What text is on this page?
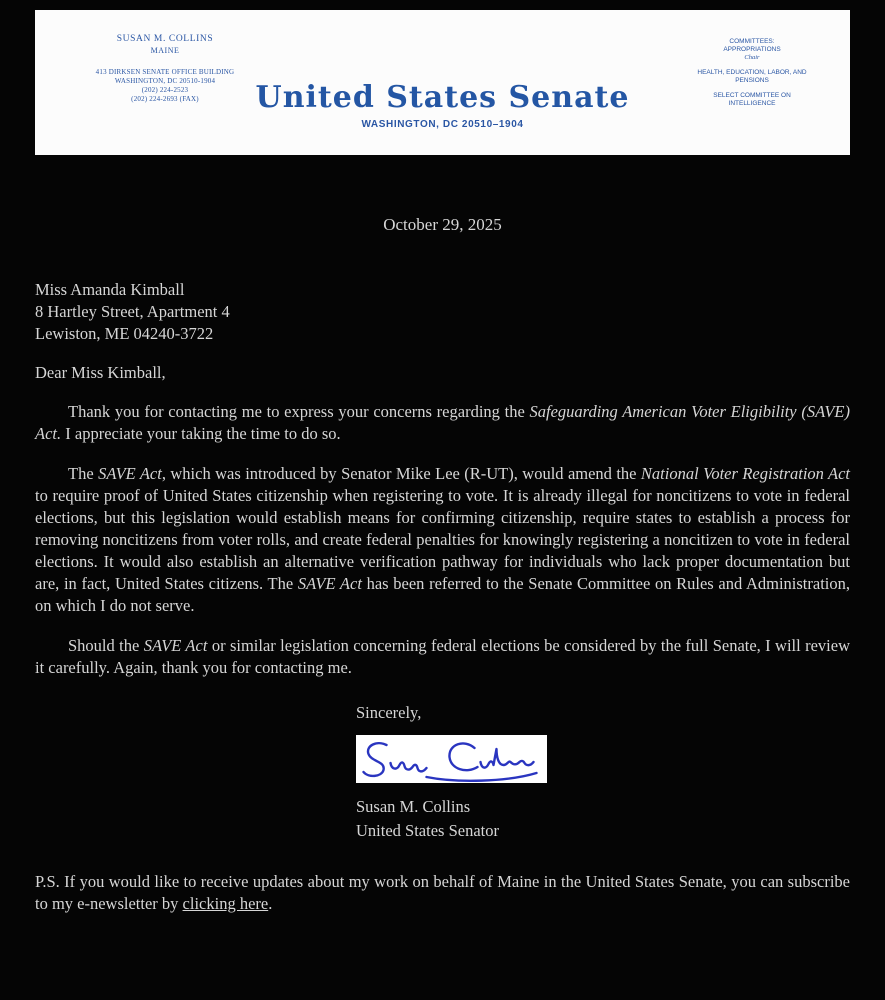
SUSAN M. COLLINS
MAINE
413 DIRKSEN SENATE OFFICE BUILDING
WASHINGTON, DC 20510-1904
(202) 224-2523
(202) 224-2693 (FAX)	United States Senate
WASHINGTON, DC 20510–1904
COMMITTEES:
APPROPRIATIONS
Chair
HEALTH, EDUCATION, LABOR, AND PENSIONS
SELECT COMMITTEE ON INTELLIGENCE
October 29, 2025
Miss Amanda Kimball
8 Hartley Street, Apartment 4
Lewiston, ME 04240-3722
Dear Miss Kimball,

Thank you for contacting me to express your concerns regarding the Safeguarding American Voter Eligibility (SAVE) Act. I appreciate your taking the time to do so.

The SAVE Act, which was introduced by Senator Mike Lee (R-UT), would amend the National Voter Registration Act to require proof of United States citizenship when registering to vote. It is already illegal for noncitizens to vote in federal elections, but this legislation would establish means for confirming citizenship, require states to establish a process for removing noncitizens from voter rolls, and create federal penalties for knowingly registering a noncitizen to vote in federal elections. It would also establish an alternative verification pathway for individuals who lack proper documentation but are, in fact, United States citizens. The SAVE Act has been referred to the Senate Committee on Rules and Administration, on which I do not serve.

Should the SAVE Act or similar legislation concerning federal elections be considered by the full Senate, I will review it carefully. Again, thank you for contacting me.

Sincerely,
Susan M. Collins
United States Senator

P.S. If you would like to receive updates about my work on behalf of Maine in the United States Senate, you can subscribe to my e-newsletter by clicking here.
